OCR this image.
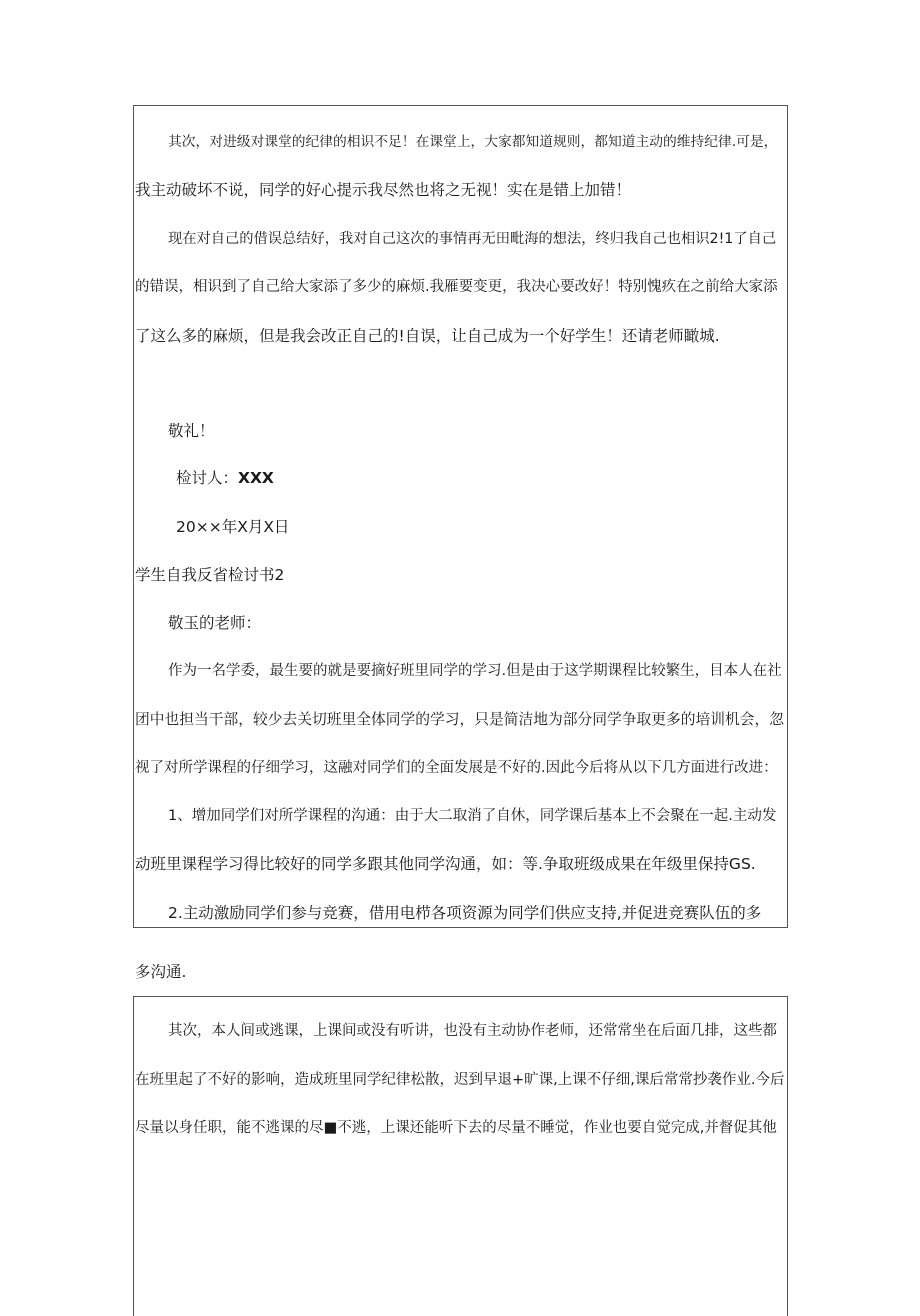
其次，对进级对课堂的纪律的相识不足！在课堂上，大家都知道规则，都知道主动的维持纪律.可是，

我主动破坏不说，同学的好心提示我尽然也将之无视！实在是错上加错！

现在对自己的借误总结好，我对自己这次的事情再无田毗海的想法，终归我自己也相识2!1了自己

的错误，相识到了自己给大家添了多少的麻烦.我雁要变更，我决心要改好！特别愧疚在之前给大家添

了这么多的麻烦，但是我会改正自己的!自误，让自己成为一个好学生！还请老师瞰城.

敬礼！

检讨人：XXX

20××年X月X日

学生自我反省检讨书2

敬玉的老师：

作为一名学委，最生要的就是要摘好班里同学的学习.但是由于这学期课程比较繁生，目本人在社

团中也担当干部，较少去关切班里全体同学的学习，只是简洁地为部分同学争取更多的培训机会，忽

视了对所学课程的仔细学习，这融对同学们的全面发展是不好的.因此今后将从以下几方面进行改进：

1、增加同学们对所学课程的沟通：由于大二取消了自休，同学课后基本上不会聚在一起.主动发

动班里课程学习得比较好的同学多跟其他同学沟通，如：等.争取班级成果在年级里保持GS.

2.主动激励同学们参与竞赛，借用电栉各项资源为同学们供应支持,并促进竞赛队伍的多

多沟通.

其次，本人间或逃课，上课间或没有听讲，也没有主动协作老师，还常常坐在后面几排，这些都

在班里起了不好的影响，造成班里同学纪律松散，迟到早退+旷课,上课不仔细,课后常常抄袭作业.今后

尽量以身任职，能不逃课的尽■不逃，上课还能听下去的尽量不睡觉，作业也要自觉完成,并督促其他
